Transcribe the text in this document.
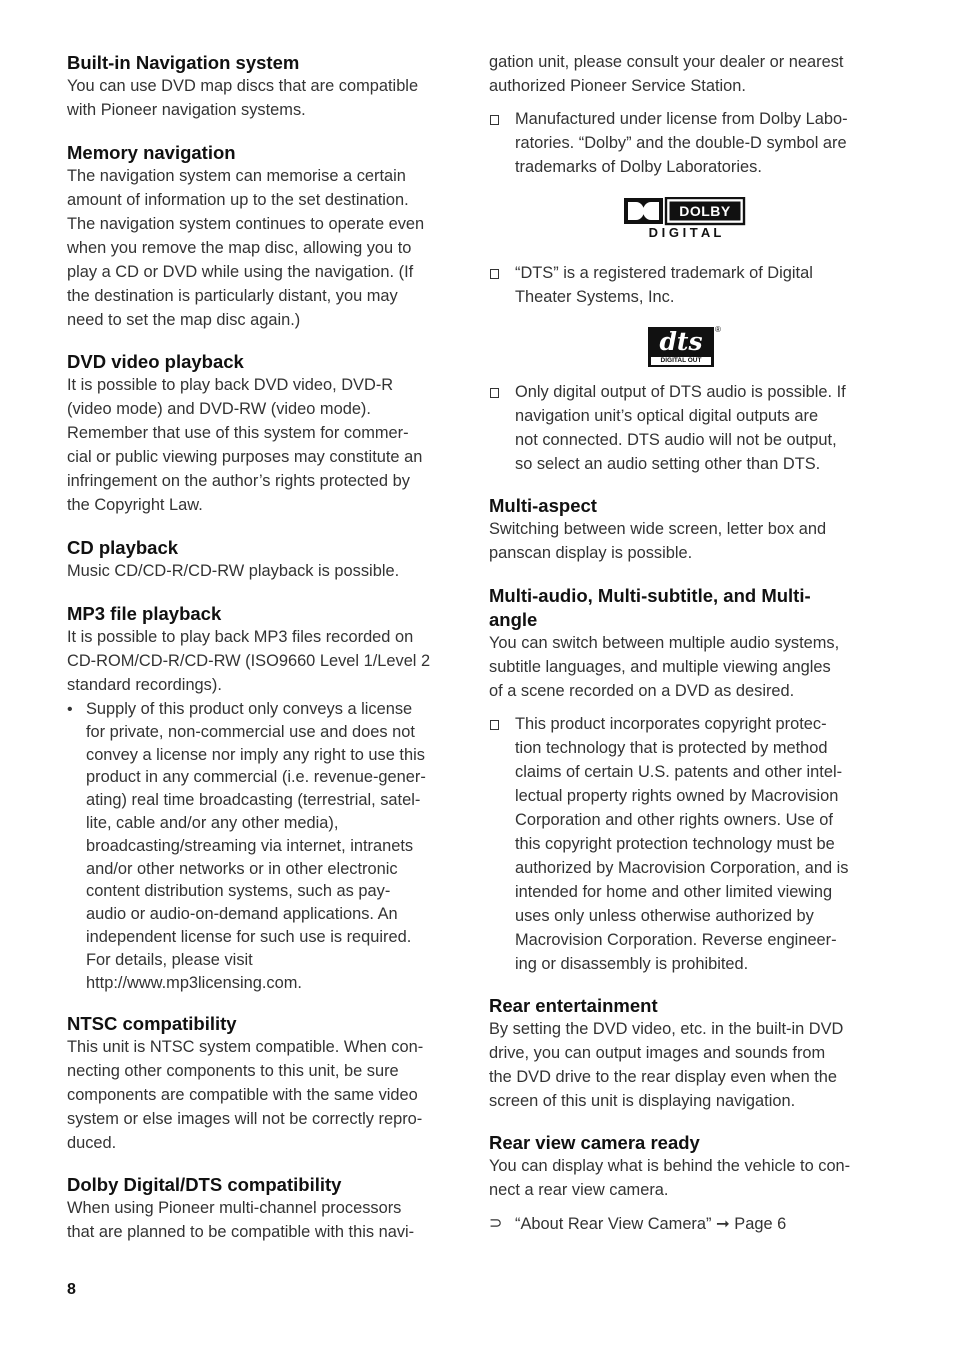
Built-in Navigation system
You can use DVD map discs that are compatible
with Pioneer navigation systems.
Memory navigation
The navigation system can memorise a certain
amount of information up to the set destination.
The navigation system continues to operate even
when you remove the map disc, allowing you to
play a CD or DVD while using the navigation. (If
the destination is particularly distant, you may
need to set the map disc again.)
DVD video playback
It is possible to play back DVD video, DVD-R
(video mode) and DVD-RW (video mode).
Remember that use of this system for commer-
cial or public viewing purposes may constitute an
infringement on the author’s rights protected by
the Copyright Law.
CD playback
Music CD/CD-R/CD-RW playback is possible.
MP3 file playback
It is possible to play back MP3 files recorded on
CD-ROM/CD-R/CD-RW (ISO9660 Level 1/Level 2
standard recordings).
• Supply of this product only conveys a license
for private, non-commercial use and does not
convey a license nor imply any right to use this
product in any commercial (i.e. revenue-gener-
ating) real time broadcasting (terrestrial, satel-
lite, cable and/or any other media),
broadcasting/streaming via internet, intranets
and/or other networks or in other electronic
content distribution systems, such as pay-
audio or audio-on-demand applications. An
independent license for such use is required.
For details, please visit
http://www.mp3licensing.com.
NTSC compatibility
This unit is NTSC system compatible. When con-
necting other components to this unit, be sure
components are compatible with the same video
system or else images will not be correctly repro-
duced.
Dolby Digital/DTS compatibility
When using Pioneer multi-channel processors
that are planned to be compatible with this navi-
gation unit, please consult your dealer or nearest
authorized Pioneer Service Station.
Manufactured under license from Dolby Labo-
ratories. “Dolby” and the double-D symbol are
trademarks of Dolby Laboratories.
DOLBY
D I G I T A L
“DTS” is a registered trademark of Digital
Theater Systems, Inc.
dts
DIGITAL OUT
®
Only digital output of DTS audio is possible. If
navigation unit’s optical digital outputs are
not connected. DTS audio will not be output,
so select an audio setting other than DTS.
Multi-aspect
Switching between wide screen, letter box and
panscan display is possible.
Multi-audio, Multi-subtitle, and Multi-
angle
You can switch between multiple audio systems,
subtitle languages, and multiple viewing angles
of a scene recorded on a DVD as desired.
This product incorporates copyright protec-
tion technology that is protected by method
claims of certain U.S. patents and other intel-
lectual property rights owned by Macrovision
Corporation and other rights owners. Use of
this copyright protection technology must be
authorized by Macrovision Corporation, and is
intended for home and other limited viewing
uses only unless otherwise authorized by
Macrovision Corporation. Reverse engineer-
ing or disassembly is prohibited.
Rear entertainment
By setting the DVD video, etc. in the built-in DVD
drive, you can output images and sounds from
the DVD drive to the rear display even when the
screen of this unit is displaying navigation.
Rear view camera ready
You can display what is behind the vehicle to con-
nect a rear view camera.
⊃ “About Rear View Camera” ➞ Page 6
8
